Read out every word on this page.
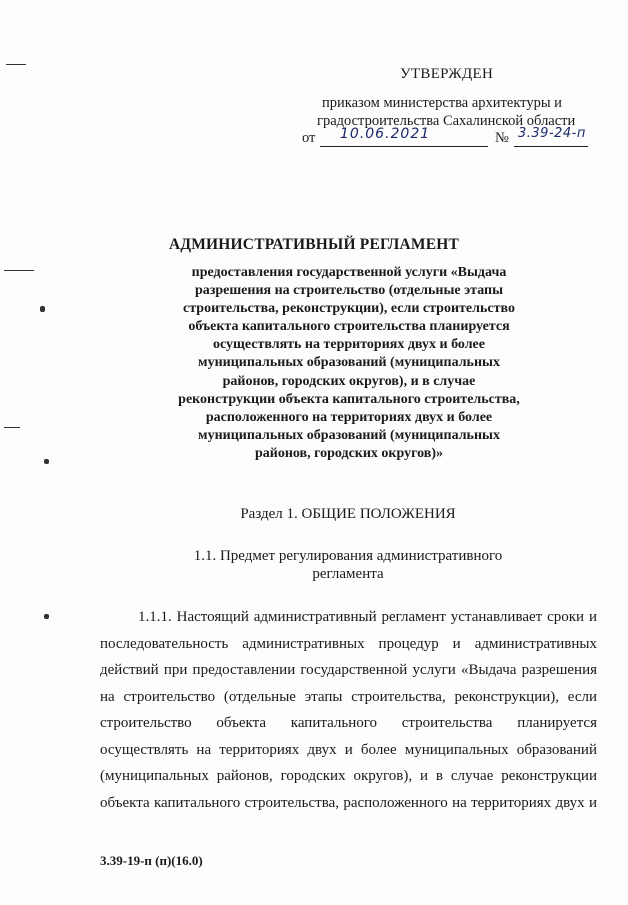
УТВЕРЖДЕН
приказом министерства архитектуры и
градостроительства Сахалинской области
от 10.06.2021	№ 3.39-24-п
АДМИНИСТРАТИВНЫЙ РЕГЛАМЕНТ
предоставления государственной услуги «Выдача
разрешения на строительство (отдельные этапы
строительства, реконструкции), если строительство
объекта капитального строительства планируется
осуществлять на территориях двух и более
муниципальных образований (муниципальных
районов, городских округов), и в случае
реконструкции объекта капитального строительства,
расположенного на территориях двух и более
муниципальных образований (муниципальных
районов, городских округов)»
Раздел 1. ОБЩИЕ ПОЛОЖЕНИЯ
1.1. Предмет регулирования административного
регламента
1.1.1. Настоящий административный регламент устанавливает сроки и
последовательность административных процедур и административных
действий при предоставлении государственной услуги «Выдача разрешения
на строительство (отдельные этапы строительства, реконструкции), если
строительство объекта капитального строительства планируется
осуществлять на территориях двух и более муниципальных образований
(муниципальных районов, городских округов), и в случае реконструкции
объекта капитального строительства, расположенного на территориях двух и
3.39-19-п (п)(16.0)
